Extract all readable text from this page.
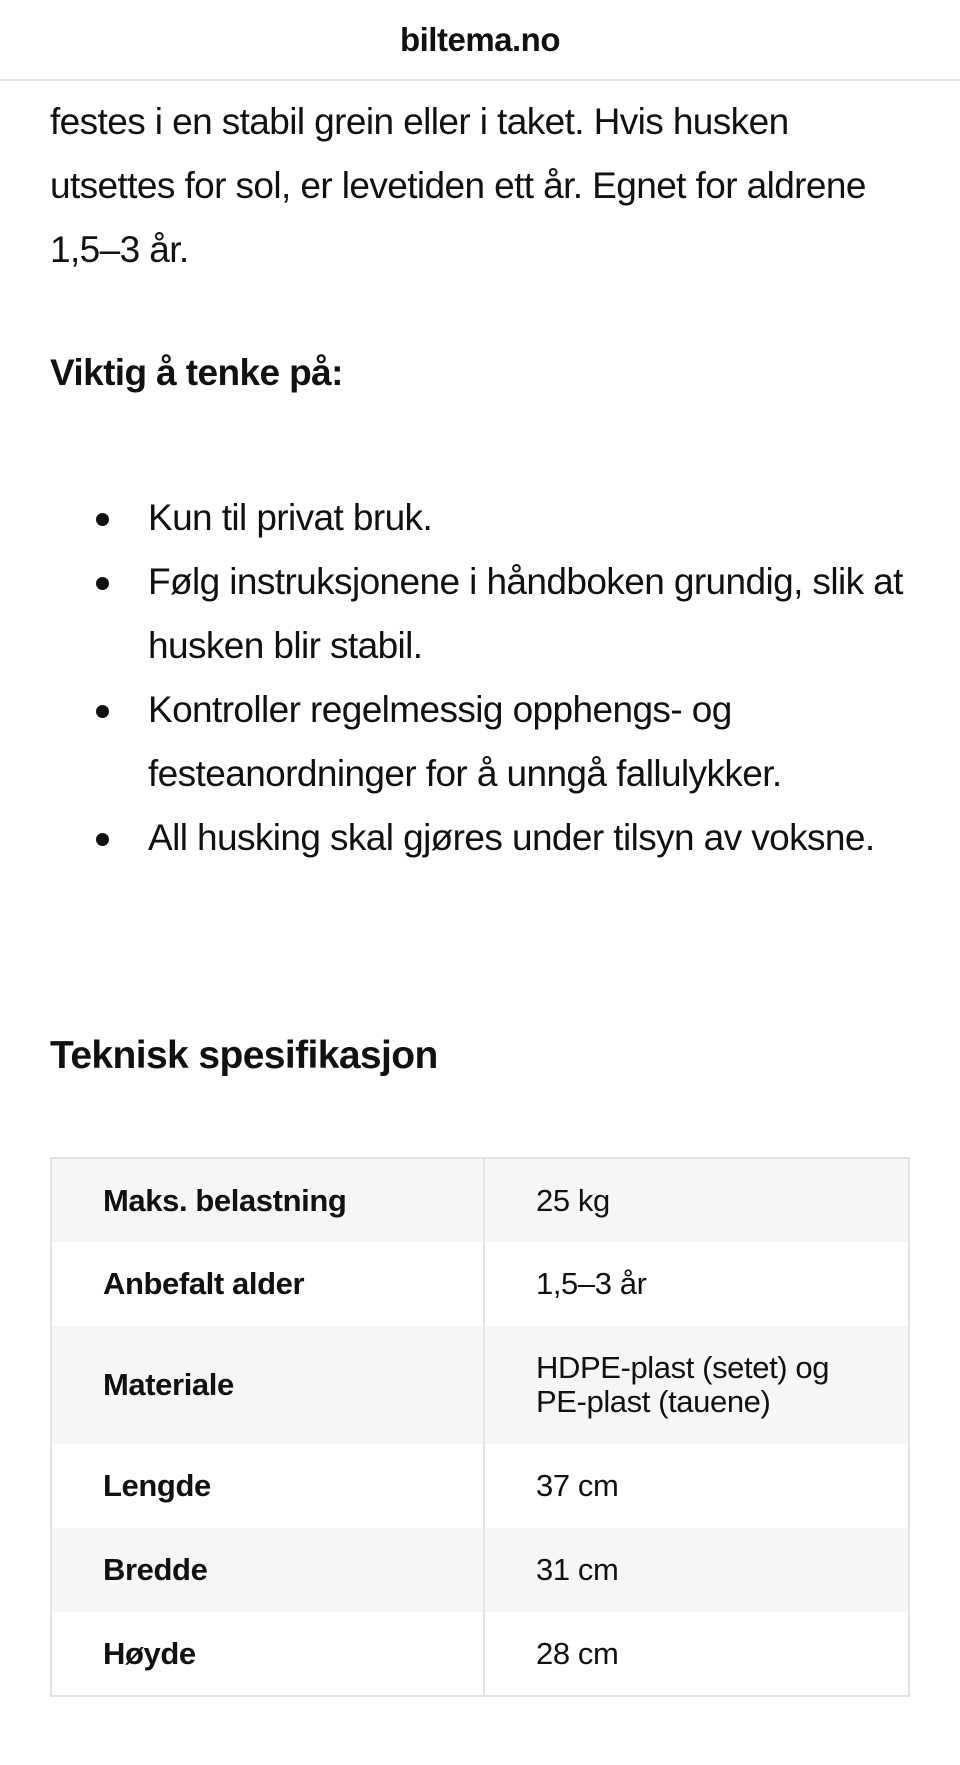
biltema.no

festes i en stabil grein eller i taket. Hvis husken utsettes for sol, er levetiden ett år. Egnet for aldrene 1,5–3 år.

Viktig å tenke på:
Kun til privat bruk.
Følg instruksjonene i håndboken grundig, slik at husken blir stabil.
Kontroller regelmessig opphengs- og festeanordninger for å unngå fallulykker.
All husking skal gjøres under tilsyn av voksne.
Teknisk spesifikasjon
Maks. belastning	25 kg
Anbefalt alder	1,5–3 år
Materiale	HDPE-plast (setet) og PE-plast (tauene)
Lengde	37 cm
Bredde	31 cm
Høyde	28 cm
